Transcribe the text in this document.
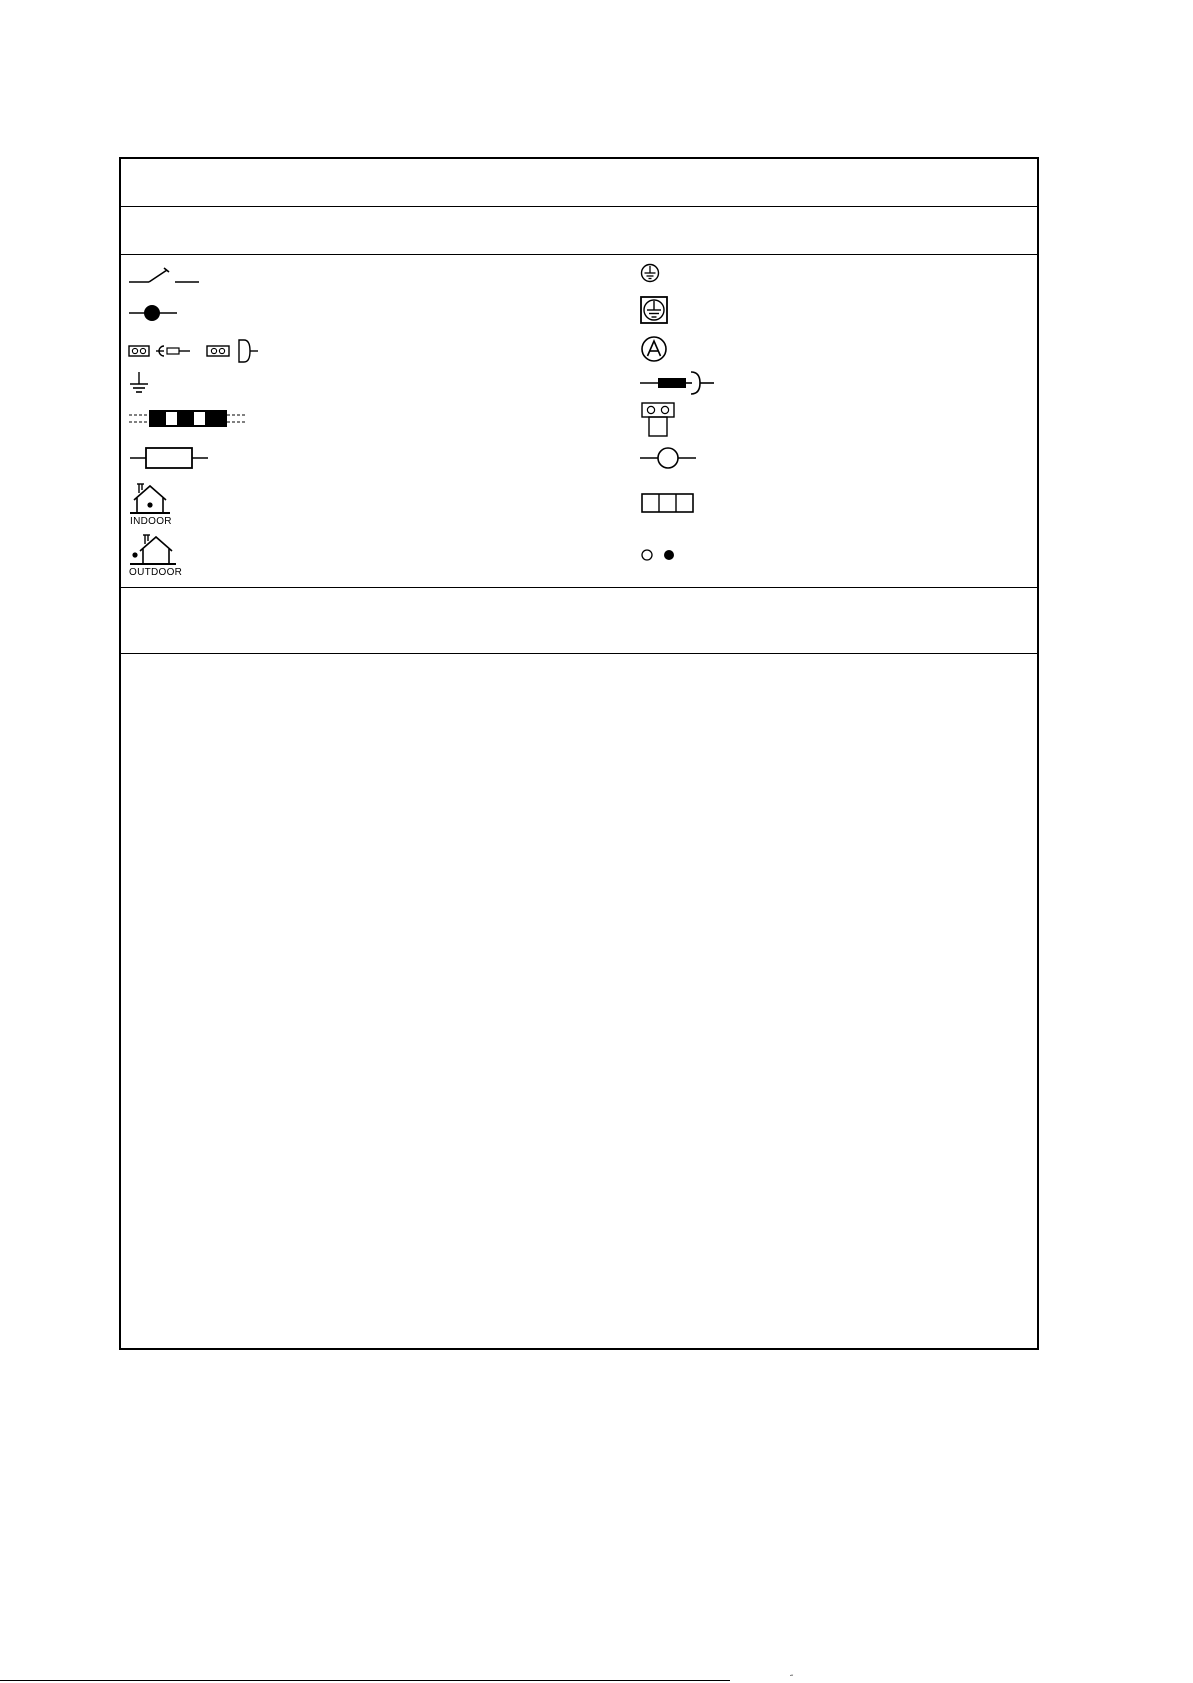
INDOOR
OUTDOOR
˝
